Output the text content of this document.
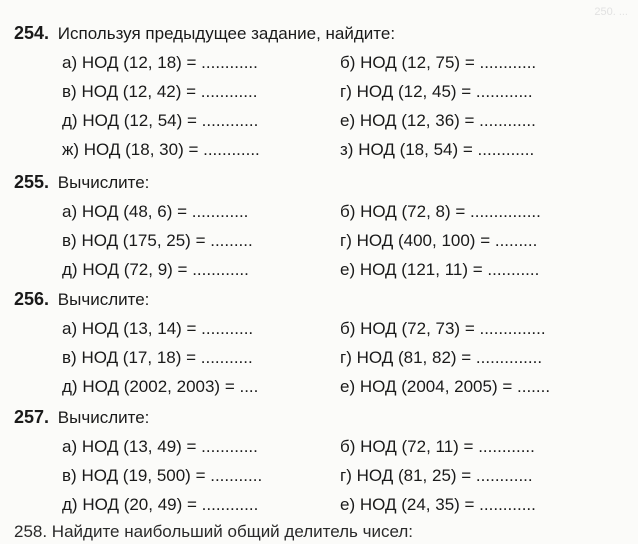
250. ...
254. Используя предыдущее задание, найдите:
а) НОД (12, 18) = ............	б) НОД (12, 75) = ............
в) НОД (12, 42) = ............	г) НОД (12, 45) = ............
д) НОД (12, 54) = ............	е) НОД (12, 36) = ............
ж) НОД (18, 30) = ............	з) НОД (18, 54) = ............
255. Вычислите:
а) НОД (48, 6) = ............	б) НОД (72, 8) = ...............
в) НОД (175, 25) = .........	г) НОД (400, 100) = .........
д) НОД (72, 9) = ............	е) НОД (121, 11) = ...........
256. Вычислите:
а) НОД (13, 14) = ...........	б) НОД (72, 73) = ..............
в) НОД (17, 18) = ...........	г) НОД (81, 82) = ..............
д) НОД (2002, 2003) = ....	е) НОД (2004, 2005) = .......
257. Вычислите:
а) НОД (13, 49) = ............	б) НОД (72, 11) = ............
в) НОД (19, 500) = ...........	г) НОД (81, 25) = ............
д) НОД (20, 49) = ............	е) НОД (24, 35) = ............
258. Найдите наибольший общий делитель чисел:
